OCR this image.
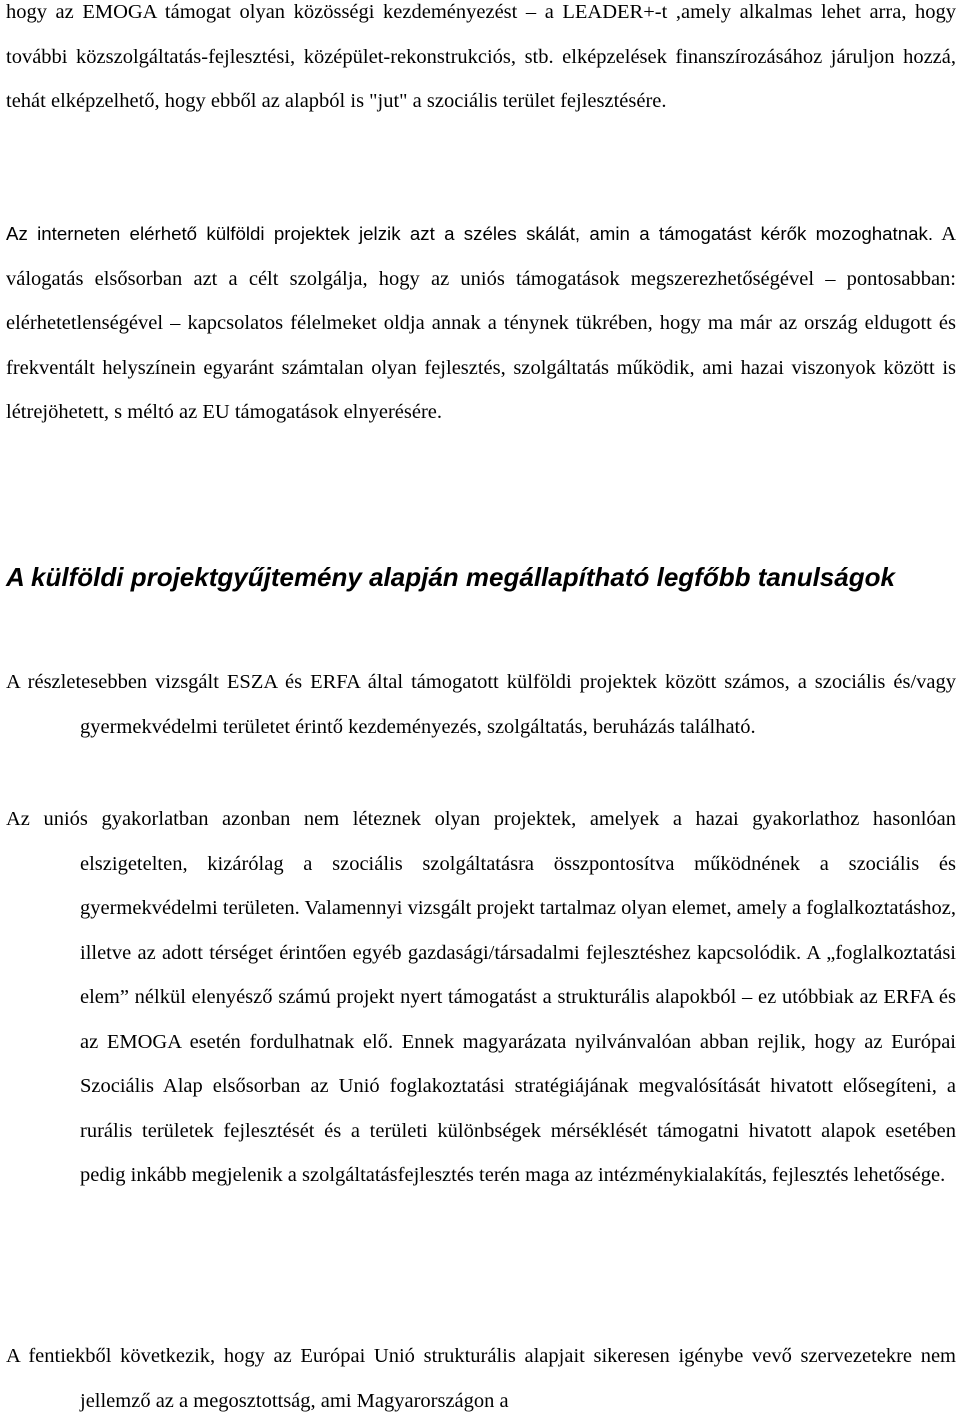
hogy az EMOGA támogat olyan közösségi kezdeményezést – a LEADER+-t ,amely alkalmas lehet arra, hogy további közszolgáltatás-fejlesztési, középület-rekonstrukciós, stb. elképzelések finanszírozásához járuljon hozzá, tehát elképzelhető, hogy ebből az alapból is "jut" a szociális terület fejlesztésére.

Az interneten elérhető külföldi projektek jelzik azt a széles skálát, amin a támogatást kérők mozoghatnak. A válogatás elsősorban azt a célt szolgálja, hogy az uniós támogatások megszerezhetőségével – pontosabban: elérhetetlenségével – kapcsolatos félelmeket oldja annak a ténynek tükrében, hogy ma már az ország eldugott és frekventált helyszínein egyaránt számtalan olyan fejlesztés, szolgáltatás működik, ami hazai viszonyok között is létrejöhetett, s méltó az EU támogatások elnyerésére.

A külföldi projektgyűjtemény alapján megállapítható legfőbb tanulságok

A részletesebben vizsgált ESZA és ERFA által támogatott külföldi projektek között számos, a szociális és/vagy gyermekvédelmi területet érintő kezdeményezés, szolgáltatás, beruházás található.

Az uniós gyakorlatban azonban nem léteznek olyan projektek, amelyek a hazai gyakorlathoz hasonlóan elszigetelten, kizárólag a szociális szolgáltatásra összpontosítva működnének a szociális és gyermekvédelmi területen. Valamennyi vizsgált projekt tartalmaz olyan elemet, amely a foglalkoztatáshoz, illetve az adott térséget érintően egyéb gazdasági/társadalmi fejlesztéshez kapcsolódik. A „foglalkoztatási elem” nélkül elenyésző számú projekt nyert támogatást a strukturális alapokból – ez utóbbiak az ERFA és az EMOGA esetén fordulhatnak elő. Ennek magyarázata nyilvánvalóan abban rejlik, hogy az Európai Szociális Alap elsősorban az Unió foglakoztatási stratégiájának megvalósítását hivatott elősegíteni, a rurális területek fejlesztését és a területi különbségek mérséklését támogatni hivatott alapok esetében pedig inkább megjelenik a szolgáltatásfejlesztés terén maga az intézménykialakítás, fejlesztés lehetősége.

A fentiekből következik, hogy az Európai Unió strukturális alapjait sikeresen igénybe vevő szervezetekre nem jellemző az a megosztottság, ami Magyarországon a
